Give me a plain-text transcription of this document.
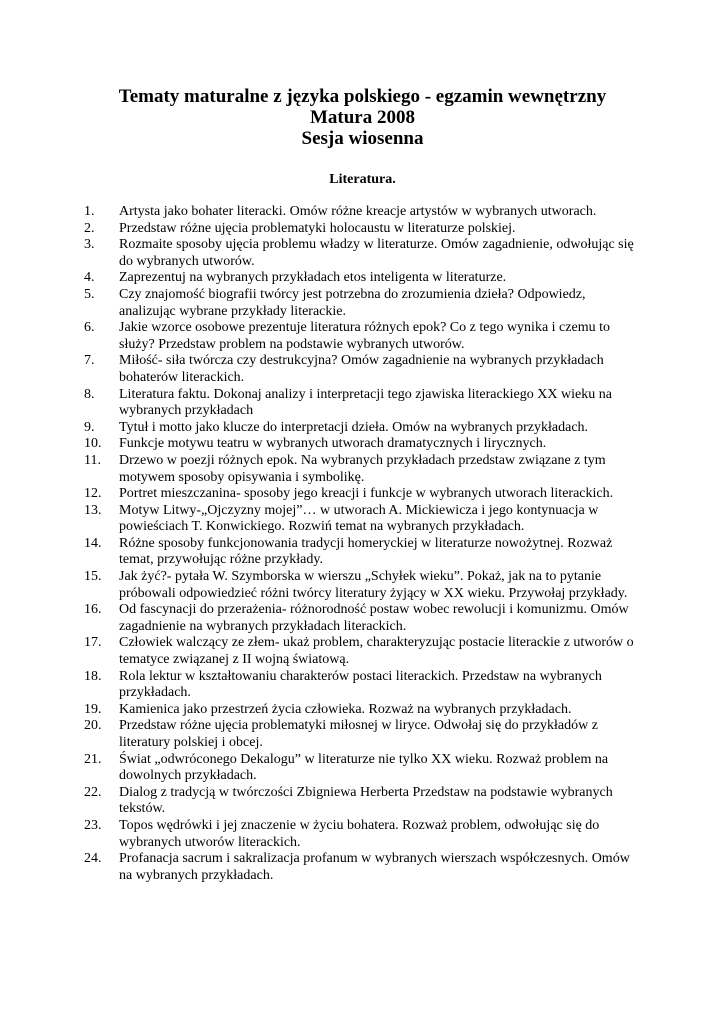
Tematy maturalne z języka polskiego - egzamin wewnętrzny
Matura 2008
Sesja wiosenna
Literatura.
1.	Artysta jako bohater literacki. Omów różne kreacje artystów w wybranych utworach.
2.	Przedstaw różne ujęcia problematyki holocaustu w literaturze polskiej.
3.	Rozmaite sposoby ujęcia problemu władzy w literaturze. Omów zagadnienie, odwołując się do wybranych utworów.
4.	Zaprezentuj na wybranych przykładach etos inteligenta w literaturze.
5.	Czy znajomość biografii twórcy jest potrzebna do zrozumienia dzieła? Odpowiedz, analizując wybrane przykłady literackie.
6.	Jakie wzorce osobowe prezentuje literatura różnych epok? Co z tego wynika i czemu to służy? Przedstaw problem na podstawie wybranych utworów.
7.	Miłość- siła twórcza czy destrukcyjna? Omów zagadnienie na wybranych przykładach bohaterów literackich.
8.	Literatura faktu. Dokonaj analizy i interpretacji tego zjawiska literackiego XX wieku na wybranych przykładach
9.	Tytuł i motto jako klucze do interpretacji dzieła. Omów na wybranych przykładach.
10.	Funkcje motywu teatru w wybranych utworach dramatycznych i lirycznych.
11.	Drzewo w poezji różnych epok. Na wybranych przykładach przedstaw związane z tym motywem sposoby opisywania i symbolikę.
12.	Portret mieszczanina- sposoby jego kreacji i funkcje w wybranych utworach literackich.
13.	Motyw Litwy-„Ojczyzny mojej”… w utworach A. Mickiewicza i jego kontynuacja w powieściach T. Konwickiego. Rozwiń temat na wybranych przykładach.
14.	Różne sposoby funkcjonowania tradycji homeryckiej w literaturze nowożytnej. Rozważ temat, przywołując różne przykłady.
15.	Jak żyć?- pytała W. Szymborska w wierszu „Schyłek wieku”. Pokaż, jak na to pytanie próbowali odpowiedzieć różni twórcy literatury żyjący w XX wieku. Przywołaj przykłady.
16.	Od fascynacji do przerażenia- różnorodność postaw wobec rewolucji i komunizmu. Omów zagadnienie na wybranych przykładach literackich.
17.	Człowiek walczący ze złem- ukaż problem, charakteryzując postacie literackie z utworów o tematyce związanej z II wojną światową.
18.	Rola lektur w kształtowaniu charakterów postaci literackich. Przedstaw na wybranych przykładach.
19.	Kamienica jako przestrzeń życia człowieka. Rozważ na wybranych przykładach.
20.	Przedstaw różne ujęcia problematyki miłosnej w liryce. Odwołaj się do przykładów z literatury polskiej i obcej.
21.	Świat „odwróconego Dekalogu” w literaturze nie tylko XX wieku. Rozważ problem na dowolnych przykładach.
22.	Dialog z tradycją w twórczości Zbigniewa Herberta Przedstaw na podstawie wybranych tekstów.
23.	Topos wędrówki i jej znaczenie w życiu bohatera. Rozważ problem, odwołując się do wybranych utworów literackich.
24.	Profanacja sacrum i sakralizacja profanum w wybranych wierszach współczesnych. Omów na wybranych przykładach.
